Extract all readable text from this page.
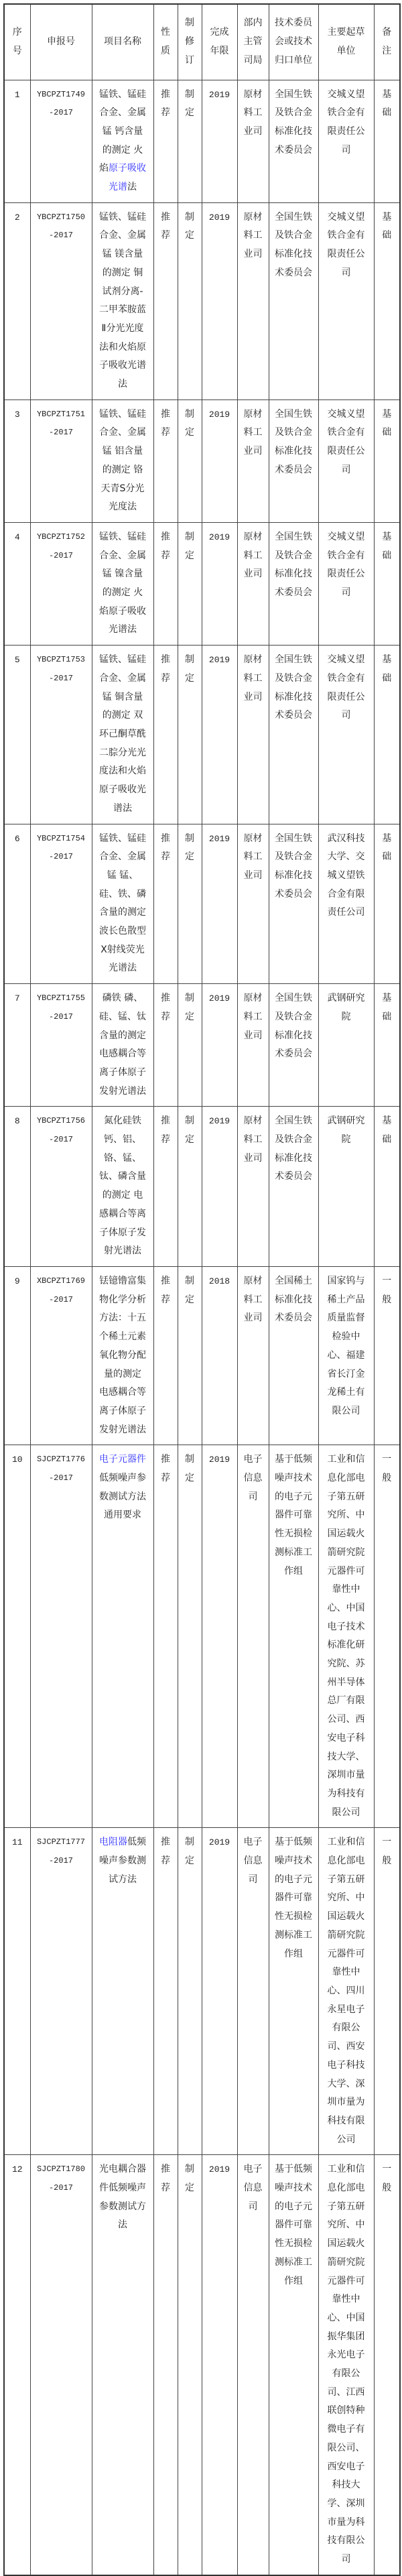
序号	申报号	项目名称	性质	制修订	完成年限	部内主管司局	技术委员会或技术归口单位	主要起草单位	备注
1	YBCPZT1749-2017	锰铁、锰硅合金、金属锰 钙含量的测定 火焰原子吸收光谱法	推荐	制定	2019	原材料工业司	全国生铁及铁合金标准化技术委员会	交城义望铁合金有限责任公司	基础
2	YBCPZT1750-2017	锰铁、锰硅合金、金属锰 镁含量的测定 铜试剂分离-二甲苯胺蓝Ⅱ分光光度法和火焰原子吸收光谱法	推荐	制定	2019	原材料工业司	全国生铁及铁合金标准化技术委员会	交城义望铁合金有限责任公司	基础
3	YBCPZT1751-2017	锰铁、锰硅合金、金属锰 铝含量的测定 铬天青S分光光度法	推荐	制定	2019	原材料工业司	全国生铁及铁合金标准化技术委员会	交城义望铁合金有限责任公司	基础
4	YBCPZT1752-2017	锰铁、锰硅合金、金属锰 镍含量的测定 火焰原子吸收光谱法	推荐	制定	2019	原材料工业司	全国生铁及铁合金标准化技术委员会	交城义望铁合金有限责任公司	基础
5	YBCPZT1753-2017	锰铁、锰硅合金、金属锰 铜含量的测定 双环己酮草酰二腙分光光度法和火焰原子吸收光谱法	推荐	制定	2019	原材料工业司	全国生铁及铁合金标准化技术委员会	交城义望铁合金有限责任公司	基础
6	YBCPZT1754-2017	锰铁、锰硅合金、金属锰 锰、硅、铁、磷含量的测定 波长色散型X射线荧光光谱法	推荐	制定	2019	原材料工业司	全国生铁及铁合金标准化技术委员会	武汉科技大学、交城义望铁合金有限责任公司	基础
7	YBCPZT1755-2017	磷铁 磷、硅、锰、钛含量的测定 电感耦合等离子体原子发射光谱法	推荐	制定	2019	原材料工业司	全国生铁及铁合金标准化技术委员会	武钢研究院	基础
8	YBCPZT1756-2017	氮化硅铁 钙、铝、铬、锰、钛、磷含量的测定 电感耦合等离子体原子发射光谱法	推荐	制定	2019	原材料工业司	全国生铁及铁合金标准化技术委员会	武钢研究院	基础
9	XBCPZT1769-2017	铥镱镥富集物化学分析方法：十五个稀土元素氧化物分配量的测定 电感耦合等离子体原子发射光谱法	推荐	制定	2018	原材料工业司	全国稀土标准化技术委员会	国家钨与稀土产品质量监督检验中心、福建省长汀金龙稀土有限公司	一般
10	SJCPZT1776-2017	电子元器件低频噪声参数测试方法通用要求	推荐	制定	2019	电子信息司	基于低频噪声技术的电子元器件可靠性无损检测标准工作组	工业和信息化部电子第五研究所、中国运载火箭研究院元器件可靠性中心、中国电子技术标准化研究院、苏州半导体总厂有限公司、西安电子科技大学、深圳市量为科技有限公司	一般
11	SJCPZT1777-2017	电阻器低频噪声参数测试方法	推荐	制定	2019	电子信息司	基于低频噪声技术的电子元器件可靠性无损检测标准工作组	工业和信息化部电子第五研究所、中国运载火箭研究院元器件可靠性中心、四川永星电子有限公司、西安电子科技大学、深圳市量为科技有限公司	一般
12	SJCPZT1780-2017	光电耦合器件低频噪声参数测试方法	推荐	制定	2019	电子信息司	基于低频噪声技术的电子元器件可靠性无损检测标准工作组	工业和信息化部电子第五研究所、中国运载火箭研究院元器件可靠性中心、中国振华集团永光电子有限公司、江西联创特种微电子有限公司、西安电子科技大学、深圳市量为科技有限公司	一般
